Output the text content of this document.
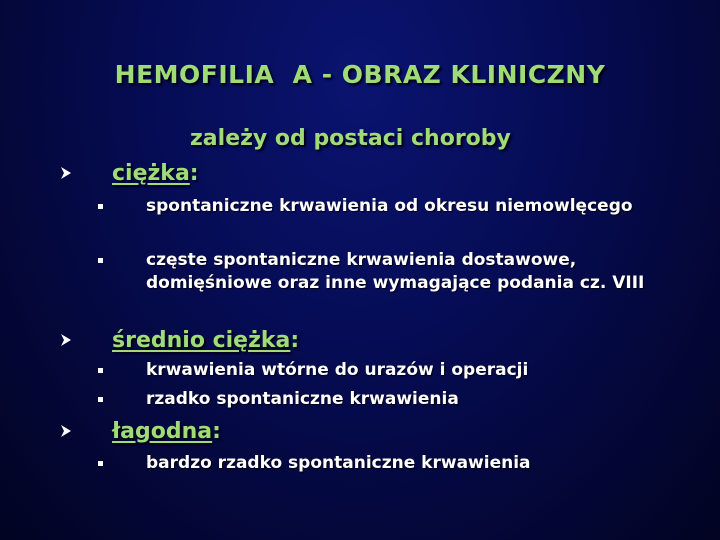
HEMOFILIA  A - OBRAZ KLINICZNY
zależy od postaci choroby
ciężka:
spontaniczne krwawienia od okresu niemowlęcego
częste spontaniczne krwawienia dostawowe, domięśniowe oraz inne wymagające podania cz. VIII
średnio ciężka:
krwawienia wtórne do urazów i operacji
rzadko spontaniczne krwawienia
łagodna:
bardzo rzadko spontaniczne krwawienia
